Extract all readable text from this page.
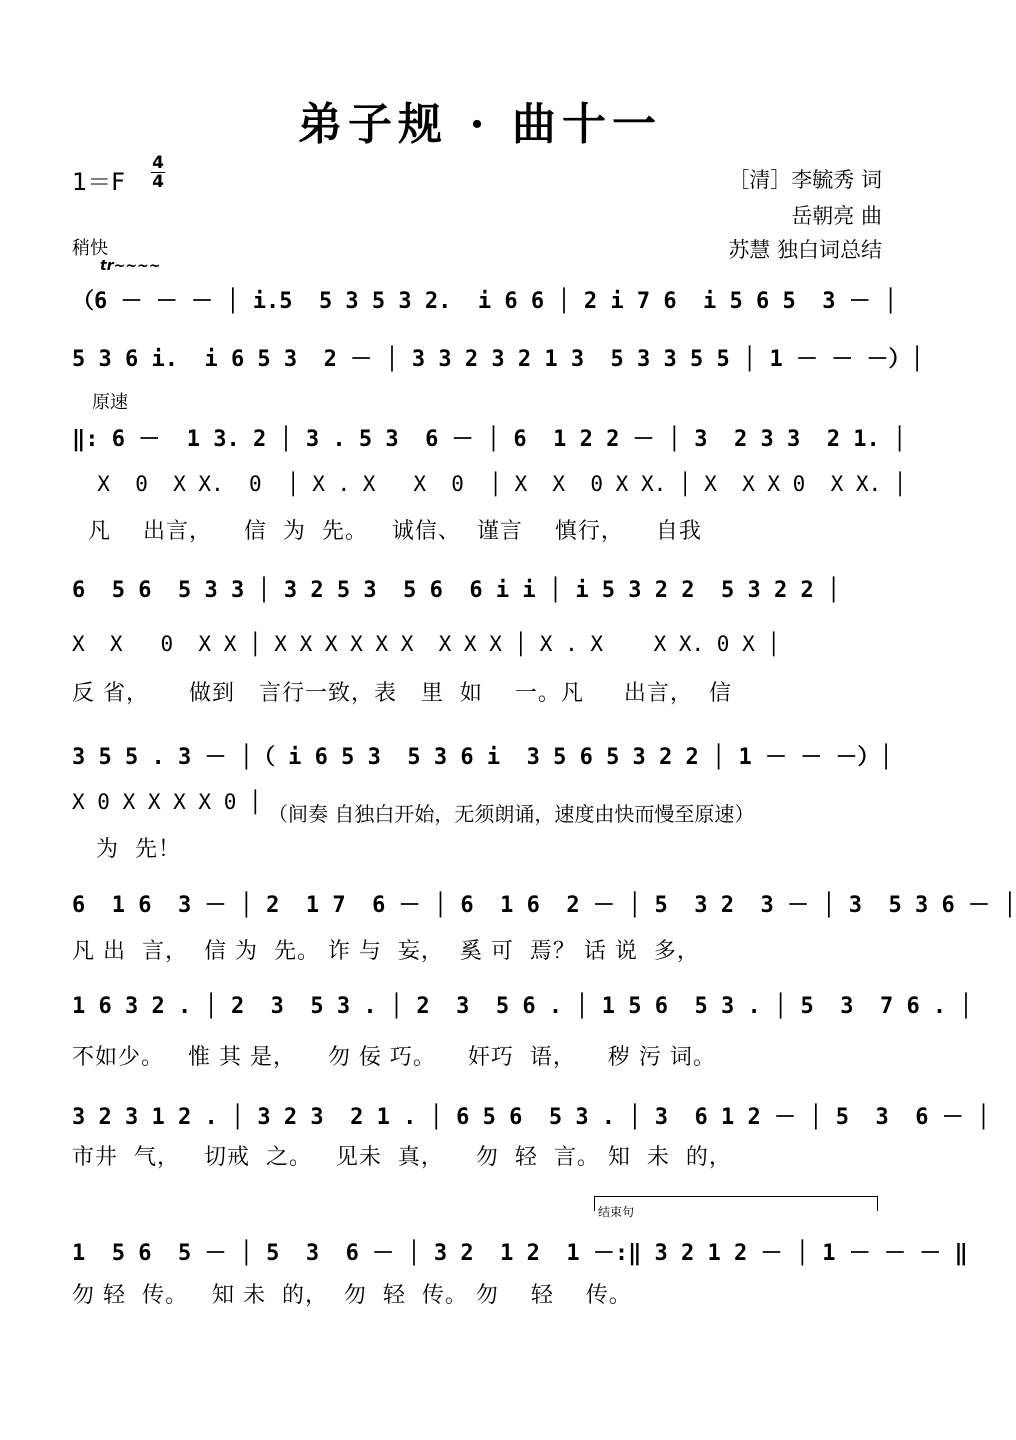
弟子规 · 曲十一
1＝F
4
4	［清］李毓秀 词
岳朝亮 曲
苏慧 独白词总结
稍快
tr~~~~
（6 － － － │ i.5  5 3 5 3 2.  i 6 6 │ 2 i 7 6  i 5 6 5  3 － │
5 3 6 i.  i 6 5 3  2 － │ 3 3 2 3 2 1 3  5 3 3 5 5 │ 1 － － －）│
原速
‖: 6 －  1 3. 2 │ 3 . 5 3  6 － │ 6  1 2 2 － │ 3  2 3 3  2 1. │
X  0  X X.  0  │ X . X   X  0  │ X  X  0 X X. │ X  X X 0  X X. │
凡    出言，    信  为  先。   诚信、  谨言    慎行，    自我
6  5 6  5 3 3 │ 3 2 5 3  5 6  6 i i │ i 5 3 2 2  5 3 2 2 │
X  X   0  X X │ X X X X X X  X X X │ X . X    X X. 0 X │
反 省，     做到   言行一致，表   里  如    一。凡     出言，  信
3 5 5 . 3 － │（ i 6 5 3  5 3 6 i  3 5 6 5 3 2 2 │ 1 － － －）│
X 0 X X X X 0 │ （间奏 自独白开始，无须朗诵，速度由快而慢至原速）
为  先！
6  1 6  3 － │ 2  1 7  6 － │ 6  1 6  2 － │ 5  3 2  3 － │ 3  5 3 6 － │
凡 出  言，  信 为  先。 诈 与  妄，  奚 可  焉？ 话 说  多，
1 6 3 2 . │ 2  3  5 3 . │ 2  3  5 6 . │ 1 5 6  5 3 . │ 5  3  7 6 . │
不如少。   惟 其 是，    勿 佞 巧。    奸巧  语，    秽 污 词。
3 2 3 1 2 . │ 3 2 3  2 1 . │ 6 5 6  5 3 . │ 3  6 1 2 － │ 5  3  6 － │
市井  气，   切戒  之。   见未  真，    勿  轻  言。 知  未  的，
结束句
1  5 6  5 － │ 5  3  6 － │ 3 2  1 2  1 －:‖ 3 2 1 2 － │ 1 － － － ‖
勿 轻  传。   知 未  的，  勿  轻  传。 勿    轻    传。
